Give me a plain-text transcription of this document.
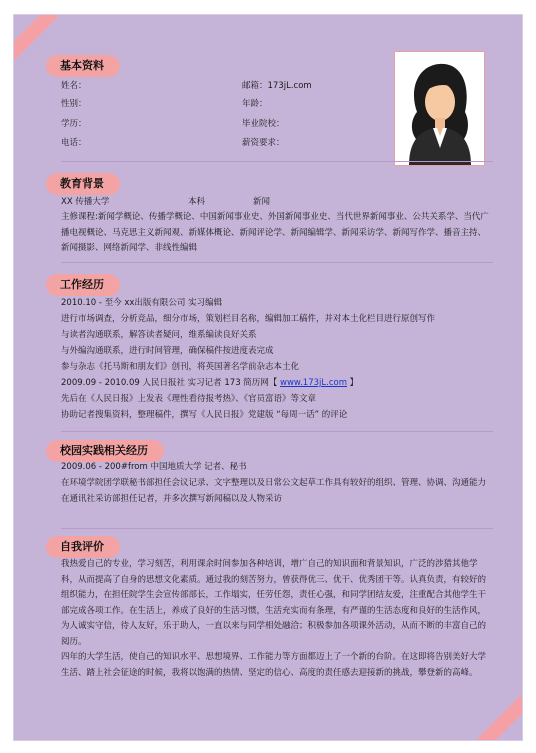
基本资料
姓名：	邮箱：173jL.com
性别：	年龄：
学历：	毕业院校：
电话：	薪资要求：
教育背景
XX 传播大学	本科	新闻

主修课程:新闻学概论、传播学概论、中国新闻事业史、外国新闻事业史、当代世界新闻事业、公共关系学、当代广播电视概论、马克思主义新闻观、新媒体概论、新闻评论学、新闻编辑学、新闻采访学、新闻写作学、播音主持、新闻摄影、网络新闻学、非线性编辑

工作经历
2010.10 - 至今 xx出版有限公司 实习编辑
进行市场调查，分析竞品，细分市场，策划栏目名称，编辑加工稿件，并对本土化栏目进行原创写作
与读者沟通联系，解答读者疑问，维系编读良好关系
与外编沟通联系，进行时间管理，确保稿件按进度表完成
参与杂志《托马斯和朋友们》创刊，将英国著名学前杂志本土化
2009.09 - 2010.09 人民日报社 实习记者 173 简历网【 www.173jL.com 】
先后在《人民日报》上发表《理性看待报考热》、《官员富语》等文章
协助记者搜集资料，整理稿件，撰写《人民日报》党建版 “每周一话” 的评论
校园实践相关经历
2009.06 - 200#from 中国地质大学 记者、秘书

在环境学院团学联秘书部担任会议记录、文字整理以及日常公文起草工作具有较好的组织、管理、协调、沟通能力

在通讯社采访部担任记者，并多次撰写新闻稿以及人物采访

自我评价

我热爱自己的专业，学习刻苦，利用课余时间参加各种培训，增广自己的知识面和背景知识，广泛的涉猎其他学科，从而提高了自身的思想文化素质。通过我的刻苦努力，曾获得优三、优干、优秀团干等。认真负责，有较好的组织能力，在担任院学生会宣传部部长，工作塌实，任劳任怨，责任心强，和同学团结友爱，注重配合其他学生干部完成各项工作。在生活上，养成了良好的生活习惯，生活充实而有条理，有严谨的生活态度和良好的生活作风，为人诚实守信，待人友好，乐于助人，一直以来与同学相处融洽；积极参加各项课外活动，从而不断的丰富自己的阅历。

四年的大学生活，使自己的知识水平、思想境界、工作能力等方面都迈上了一个新的台阶。在这即将告别美好大学生活、踏上社会征途的时候，我将以饱满的热情、坚定的信心、高度的责任感去迎接新的挑战，攀登新的高峰。
